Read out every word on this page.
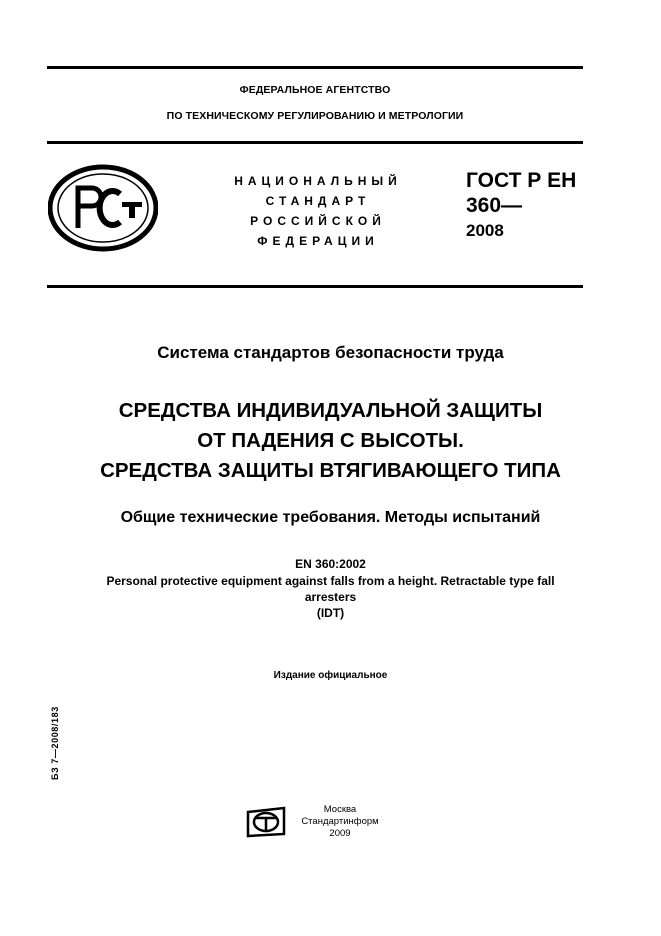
ФЕДЕРАЛЬНОЕ АГЕНТСТВО
ПО ТЕХНИЧЕСКОМУ РЕГУЛИРОВАНИЮ И МЕТРОЛОГИИ
НАЦИОНАЛЬНЫЙ
СТАНДАРТ
РОССИЙСКОЙ
ФЕДЕРАЦИИ
ГОСТ Р ЕН
360—
2008
Система стандартов безопасности труда
СРЕДСТВА ИНДИВИДУАЛЬНОЙ ЗАЩИТЫ
ОТ ПАДЕНИЯ С ВЫСОТЫ.
СРЕДСТВА ЗАЩИТЫ ВТЯГИВАЮЩЕГО ТИПА
Общие технические требования. Методы испытаний
EN 360:2002
Personal protective equipment against falls from a height. Retractable type fall
arresters
(IDT)
Издание официальное
БЗ 7—2008/183
Москва
Стандартинформ
2009
